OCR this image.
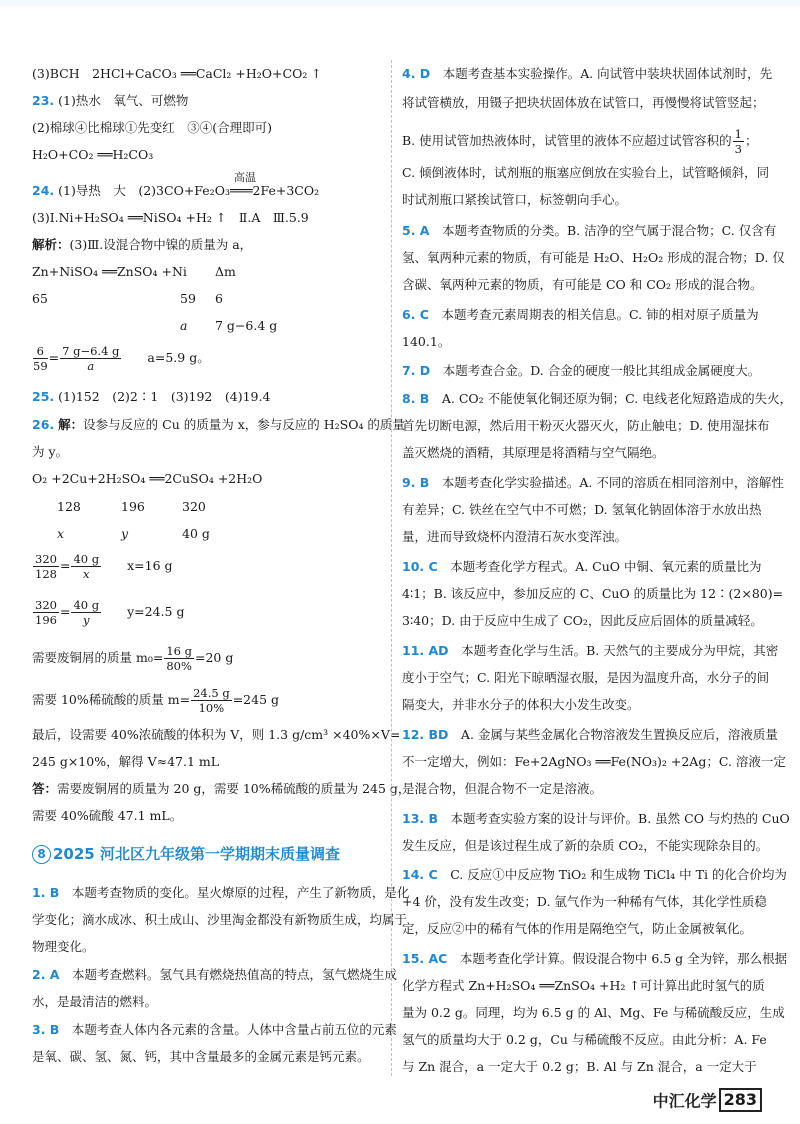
(3)BCH　2HCl+CaCO₃ ══CaCl₂ +H₂O+CO₂ ↑
23. (1)热水　氧气、可燃物
(2)棉球④比棉球①先变红　③④(合理即可)
H₂O+CO₂ ══H₂CO₃
24. (1)导热　大　(2)3CO+Fe₂O₃
高温
═══2Fe+3CO₂
(3)Ⅰ.Ni+H₂SO₄ ══NiSO₄ +H₂ ↑　Ⅱ.A　Ⅲ.5.9
解析：(3)Ⅲ.设混合物中镍的质量为 a，
Zn+NiSO₄ ══ZnSO₄ +Ni Δm
65	59 6
a 7 g−6.4 g
$\frac{6}{59} = \frac{7 g-6.4 g}{a}$
　　 a=5.9 g。
25. (1)152　(2)2∶1　(3)192　(4)19.4
26. 解：设参与反应的 Cu 的质量为 x，参与反应的 H₂SO₄ 的质量
为 y。
O₂ +2Cu+2H₂SO₄ ══2CuSO₄ +2H₂O
128	196	320
x	y	40 g
$\frac{320}{128} = \frac{40 g}{x}$
　　 x=16 g
$\frac{320}{196} = \frac{40 g}{y}$
　　 y=24.5 g
需要废铜屑的质量 $m_0= \frac{16 g}{80\%} =20$ g
需要 10%稀硫酸的质量 $m= \frac{24.5 g}{10\%} =245$ g
最后，设需要 40%浓硫酸的体积为 V，则 1.3 g/cm³ ×40%×V=
245 g×10%，解得 V≈47.1 mL
答：需要废铜屑的质量为 20 g，需要 10%稀硫酸的质量为 245 g，
需要 40%硫酸 47.1 mL。
8 2025 河北区九年级第一学期期末质量调查
1. B　 本题考查物质的变化。星火燎原的过程，产生了新物质，是化
学变化；滴水成冰、积土成山、沙里淘金都没有新物质生成，均属于
物理变化。
2. A　 本题考查燃料。氢气具有燃烧热值高的特点，氢气燃烧生成
水，是最清洁的燃料。
3. B　 本题考查人体内各元素的含量。人体中含量占前五位的元素
是氧、碳、氢、氮、钙，其中含量最多的金属元素是钙元素。
4. D　 本题考查基本实验操作。A. 向试管中装块状固体试剂时，先
将试管横放，用镊子把块状固体放在试管口，再慢慢将试管竖起；
B. 使用试管加热液体时，试管里的液体不应超过试管容积的 $\frac{1}{3}$ ；
C. 倾倒液体时，试剂瓶的瓶塞应倒放在实验台上，试管略倾斜，同
时试剂瓶口紧挨试管口，标签朝向手心。
5. A　 本题考查物质的分类。B. 洁净的空气属于混合物；C. 仅含有
氢、氧两种元素的物质，有可能是 H₂O、H₂O₂ 形成的混合物；D. 仅
含碳、氧两种元素的物质，有可能是 CO 和 CO₂ 形成的混合物。
6. C　 本题考查元素周期表的相关信息。C. 铈的相对原子质量为
140.1。
7. D　 本题考查合金。D. 合金的硬度一般比其组成金属硬度大。
8. B　 A. CO₂ 不能使氧化铜还原为铜；C. 电线老化短路造成的失火，
首先切断电源，然后用干粉灭火器灭火，防止触电；D. 使用湿抹布
盖灭燃烧的酒精，其原理是将酒精与空气隔绝。
9. B　 本题考查化学实验描述。A. 不同的溶质在相同溶剂中，溶解性
有差异；C. 铁丝在空气中不可燃；D. 氢氧化钠固体溶于水放出热
量，进而导致烧杯内澄清石灰水变浑浊。
10. C　 本题考查化学方程式。A. CuO 中铜、氧元素的质量比为
4∶1；B. 该反应中，参加反应的 C、CuO 的质量比为 12∶(2×80)=
3∶40；D. 由于反应中生成了 CO₂，因此反应后固体的质量减轻。
11. AD　 本题考查化学与生活。B. 天然气的主要成分为甲烷，其密
度小于空气；C. 阳光下晾晒湿衣服，是因为温度升高，水分子的间
隔变大，并非水分子的体积大小发生改变。
12. BD　 A. 金属与某些金属化合物溶液发生置换反应后，溶液质量
不一定增大，例如：Fe+2AgNO₃ ══Fe(NO₃)₂ +2Ag；C. 溶液一定
是混合物，但混合物不一定是溶液。
13. B　 本题考查实验方案的设计与评价。B. 虽然 CO 与灼热的 CuO
发生反应，但是该过程生成了新的杂质 CO₂，不能实现除杂目的。
14. C　 C. 反应①中反应物 TiO₂ 和生成物 TiCl₄ 中 Ti 的化合价均为
+4 价，没有发生改变；D. 氩气作为一种稀有气体，其化学性质稳
定，反应②中的稀有气体的作用是隔绝空气，防止金属被氧化。
15. AC　 本题考查化学计算。假设混合物中 6.5 g 全为锌，那么根据
化学方程式 Zn+H₂SO₄ ══ZnSO₄ +H₂ ↑可计算出此时氢气的质
量为 0.2 g。同理，均为 6.5 g 的 Al、Mg、Fe 与稀硫酸反应，生成
氢气的质量均大于 0.2 g，Cu 与稀硫酸不反应。由此分析：A. Fe
与 Zn 混合，a 一定大于 0.2 g；B. Al 与 Zn 混合，a 一定大于
中汇化学 283
